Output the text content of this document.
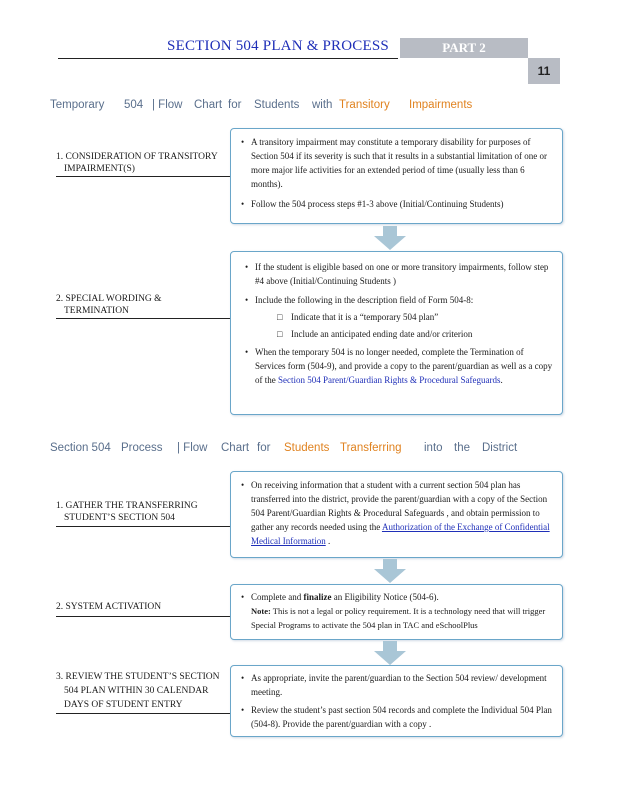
SECTION 504 PLAN & PROCESS	PART 2
11
Temporary 504 | Flow Chart for Students with Transitory Impairments
1. CONSIDERATION OF TRANSITORY
IMPAIRMENT(S)
• A transitory impairment may constitute a temporary disability for purposes of Section 504 if its severity is such that it results in a substantial limitation of one or more major life activities for an extended period of time (usually less than 6 months).
• Follow the 504 process steps #1-3 above (Initial/Continuing Students)
2. SPECIAL WORDING &
TERMINATION
• If the student is eligible based on one or more transitory impairments, follow step #4 above (Initial/Continuing Students )
• Include the following in the description field of Form 504-8:
□ Indicate that it is a “temporary 504 plan”
□ Include an anticipated ending date and/or criterion
• When the temporary 504 is no longer needed, complete the Termination of Services form (504-9), and provide a copy to the parent/guardian as well as a copy of the Section 504 Parent/Guardian Rights & Procedural Safeguards.
Section 504 Process | Flow Chart for Students Transferring into the District
1. GATHER THE TRANSFERRING
STUDENT’S SECTION 504
• On receiving information that a student with a current section 504 plan has transferred into the district, provide the parent/guardian with a copy of the Section 504 Parent/Guardian Rights & Procedural Safeguards , and obtain permission to gather any records needed using the Authorization of the Exchange of Confidential Medical Information .
2. SYSTEM ACTIVATION
• Complete and finalize an Eligibility Notice (504-6).
Note: This is not a legal or policy requirement. It is a technology need that will trigger Special Programs to activate the 504 plan in TAC and eSchoolPlus
3. REVIEW THE STUDENT’S SECTION
504 PLAN WITHIN 30 CALENDAR
DAYS OF STUDENT ENTRY
• As appropriate, invite the parent/guardian to the Section 504 review/ development meeting.
• Review the student’s past section 504 records and complete the Individual 504 Plan (504-8). Provide the parent/guardian with a copy .
